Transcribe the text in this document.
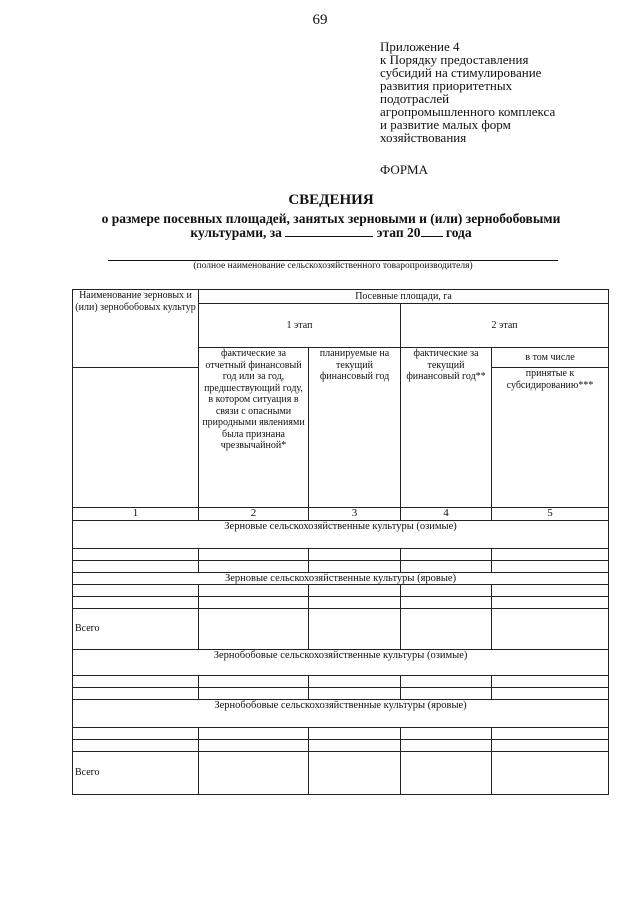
69
Приложение 4
к Порядку предоставления
субсидий на стимулирование
развития приоритетных
подотраслей
агропромышленного комплекса
и развитие малых форм
хозяйствования
ФОРМА
СВЕДЕНИЯ
о размере посевных площадей, занятых зерновыми и (или) зернобобовыми
культурами, за	этап 20 года
(полное наименование сельскохозяйственного товаропроизводителя)
Наименование зерновых и (или) зернобобовых культур	Посевные площади, га			
	1 этап		2 этап	
	фактические за отчетный финансовый год или за год, предшествующий году, в котором ситуация в связи с опасными природными явлениями была признана чрезвычайной*	планируемые на текущий финансовый год	фактические за текущий финансовый год**	в том числе
				принятые к субсидированию***
1	2	3	4	5
Зерновые сельскохозяйственные культуры (озимые)				

Зерновые сельскохозяйственные культуры (яровые)				

Всего				
Зернобобовые сельскохозяйственные культуры (озимые)				

Зернобобовые сельскохозяйственные культуры (яровые)				

Всего				
